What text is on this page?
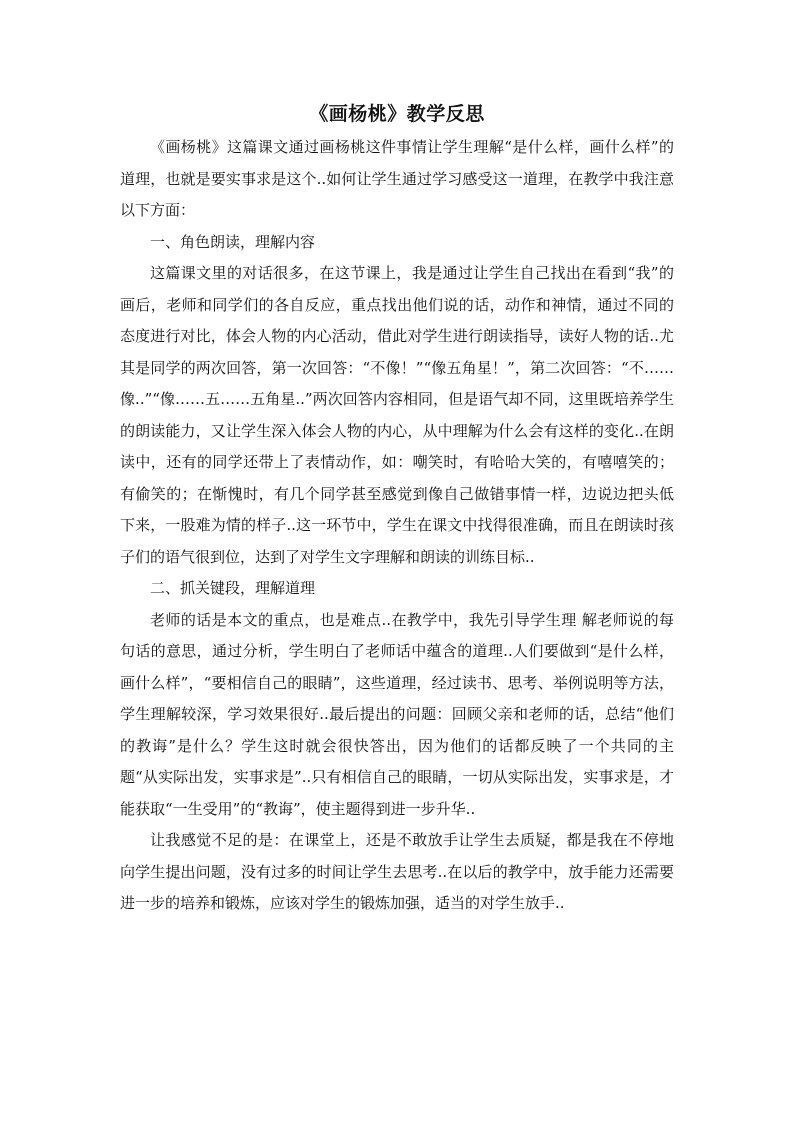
《画杨桃》教学反思

《画杨桃》这篇课文通过画杨桃这件事情让学生理解“是什么样，画什么样”的道理，也就是要实事求是这个..如何让学生通过学习感受这一道理，在教学中我注意以下方面：

一、角色朗读，理解内容

这篇课文里的对话很多，在这节课上，我是通过让学生自己找出在看到“我”的画后，老师和同学们的各自反应，重点找出他们说的话，动作和神情，通过不同的态度进行对比，体会人物的内心活动，借此对学生进行朗读指导，读好人物的话..尤其是同学的两次回答，第一次回答：“不像！”“像五角星！”，第二次回答：“不……像..”“像……五……五角星..”两次回答内容相同，但是语气却不同，这里既培养学生的朗读能力，又让学生深入体会人物的内心，从中理解为什么会有这样的变化..在朗读中，还有的同学还带上了表情动作，如：嘲笑时，有哈哈大笑的，有嘻嘻笑的；有偷笑的；在惭愧时，有几个同学甚至感觉到像自己做错事情一样，边说边把头低下来，一股难为情的样子..这一环节中，学生在课文中找得很准确，而且在朗读时孩子们的语气很到位，达到了对学生文字理解和朗读的训练目标..

二、抓关键段，理解道理

老师的话是本文的重点，也是难点..在教学中，我先引导学生理 解老师说的每句话的意思，通过分析，学生明白了老师话中蕴含的道理..人们要做到“是什么样，画什么样”，“要相信自己的眼睛”，这些道理，经过读书、思考、举例说明等方法，学生理解较深，学习效果很好..最后提出的问题：回顾父亲和老师的话，总结“他们的教诲”是什么？学生这时就会很快答出，因为他们的话都反映了一个共同的主题“从实际出发，实事求是”..只有相信自己的眼睛，一切从实际出发，实事求是，才能获取“一生受用”的“教诲”，使主题得到进一步升华..

让我感觉不足的是：在课堂上，还是不敢放手让学生去质疑，都是我在不停地向学生提出问题，没有过多的时间让学生去思考..在以后的教学中，放手能力还需要进一步的培养和锻炼，应该对学生的锻炼加强，适当的对学生放手..
